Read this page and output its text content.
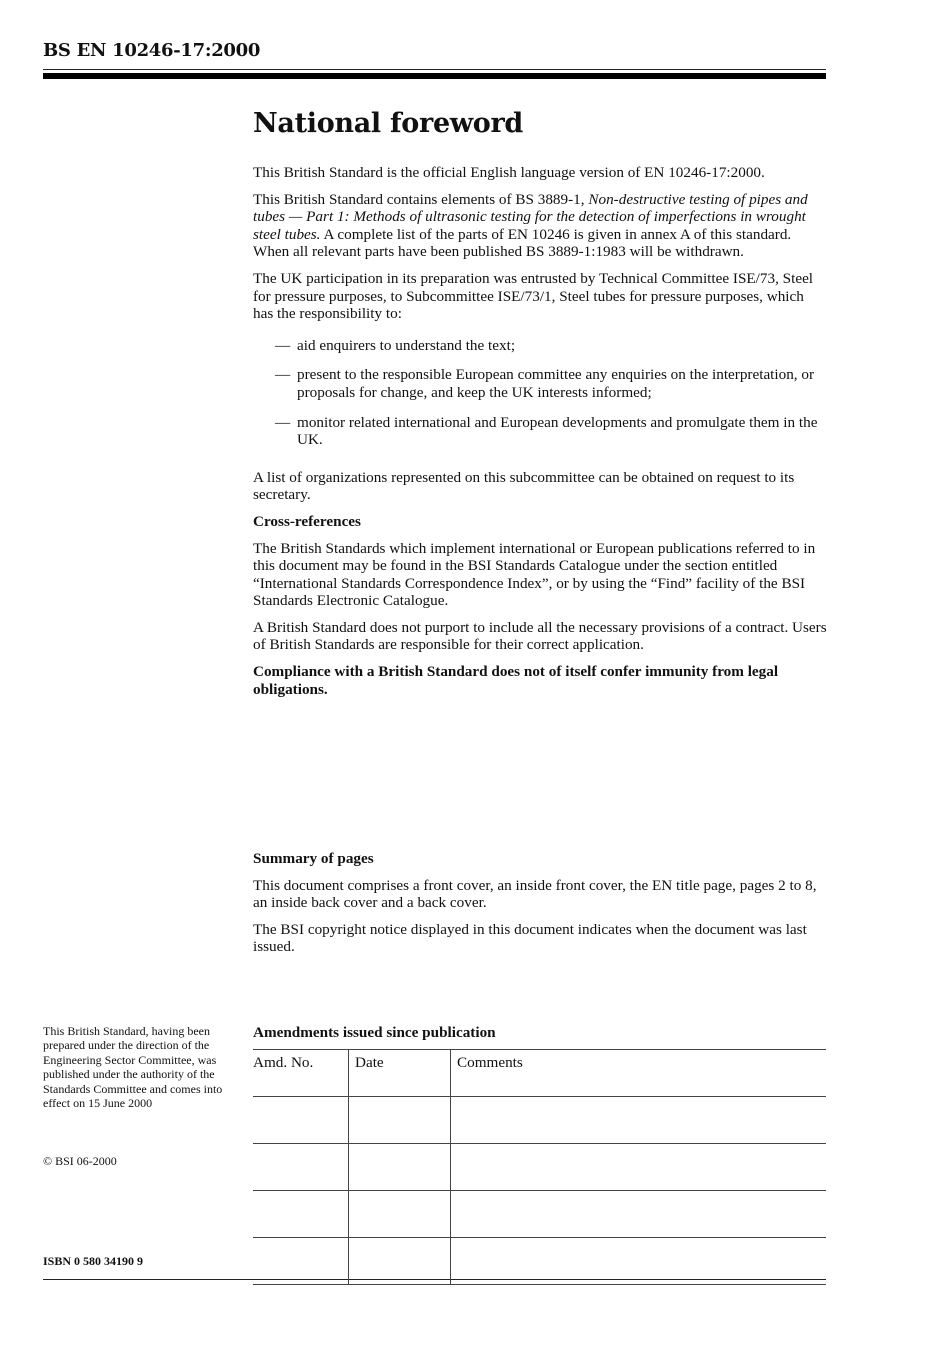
BS EN 10246-17:2000
National foreword

This British Standard is the official English language version of EN 10246-17:2000.

This British Standard contains elements of BS 3889-1, Non-destructive testing of pipes and tubes — Part 1: Methods of ultrasonic testing for the detection of imperfections in wrought steel tubes. A complete list of the parts of EN 10246 is given in annex A of this standard. When all relevant parts have been published BS 3889-1:1983 will be withdrawn.

The UK participation in its preparation was entrusted by Technical Committee ISE/73, Steel for pressure purposes, to Subcommittee ISE/73/1, Steel tubes for pressure purposes, which has the responsibility to:

— aid enquirers to understand the text;
— present to the responsible European committee any enquiries on the interpretation, or proposals for change, and keep the UK interests informed;
— monitor related international and European developments and promulgate them in the UK.

A list of organizations represented on this subcommittee can be obtained on request to its secretary.

Cross-references

The British Standards which implement international or European publications referred to in this document may be found in the BSI Standards Catalogue under the section entitled “International Standards Correspondence Index”, or by using the “Find” facility of the BSI Standards Electronic Catalogue.

A British Standard does not purport to include all the necessary provisions of a contract. Users of British Standards are responsible for their correct application.

Compliance with a British Standard does not of itself confer immunity from legal obligations.

Summary of pages

This document comprises a front cover, an inside front cover, the EN title page, pages 2 to 8, an inside back cover and a back cover.

The BSI copyright notice displayed in this document indicates when the document was last issued.

This British Standard, having been prepared under the direction of the Engineering Sector Committee, was published under the authority of the Standards Committee and comes into effect on 15 June 2000
© BSI 06-2000
ISBN 0 580 34190 9
Amendments issued since publication
Amd. No.	Date	Comments
